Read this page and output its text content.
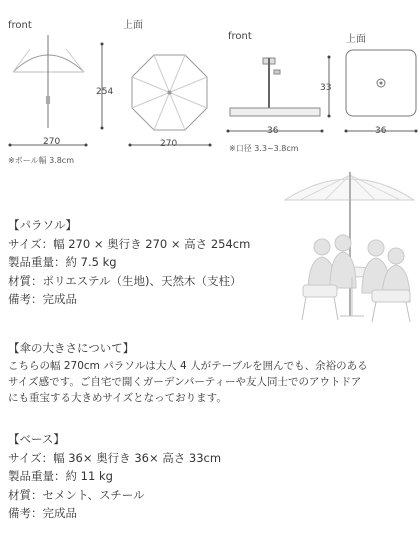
front	上面
front	上面
254
270	270
※ポール幅 3.8cm
33
36	36
※口径 3.3~3.8cm

【パラソル】

サイズ：幅 270 × 奥行き 270 × 高さ 254cm

製品重量：約 7.5 kg

材質：ポリエステル（生地)、天然木（支柱）

備考：完成品

【傘の大きさについて】

こちらの幅 270cm パラソルは大人 4 人がテーブルを囲んでも、余裕のある

サイズ感です。ご自宅で開くガーデンパーティーや友人同士でのアウトドア

にも重宝する大きめサイズとなっております。

【ベース】

サイズ：幅 36× 奥行き 36× 高さ 33cm

製品重量：約 11 kg

材質：セメント、スチール

備考：完成品
